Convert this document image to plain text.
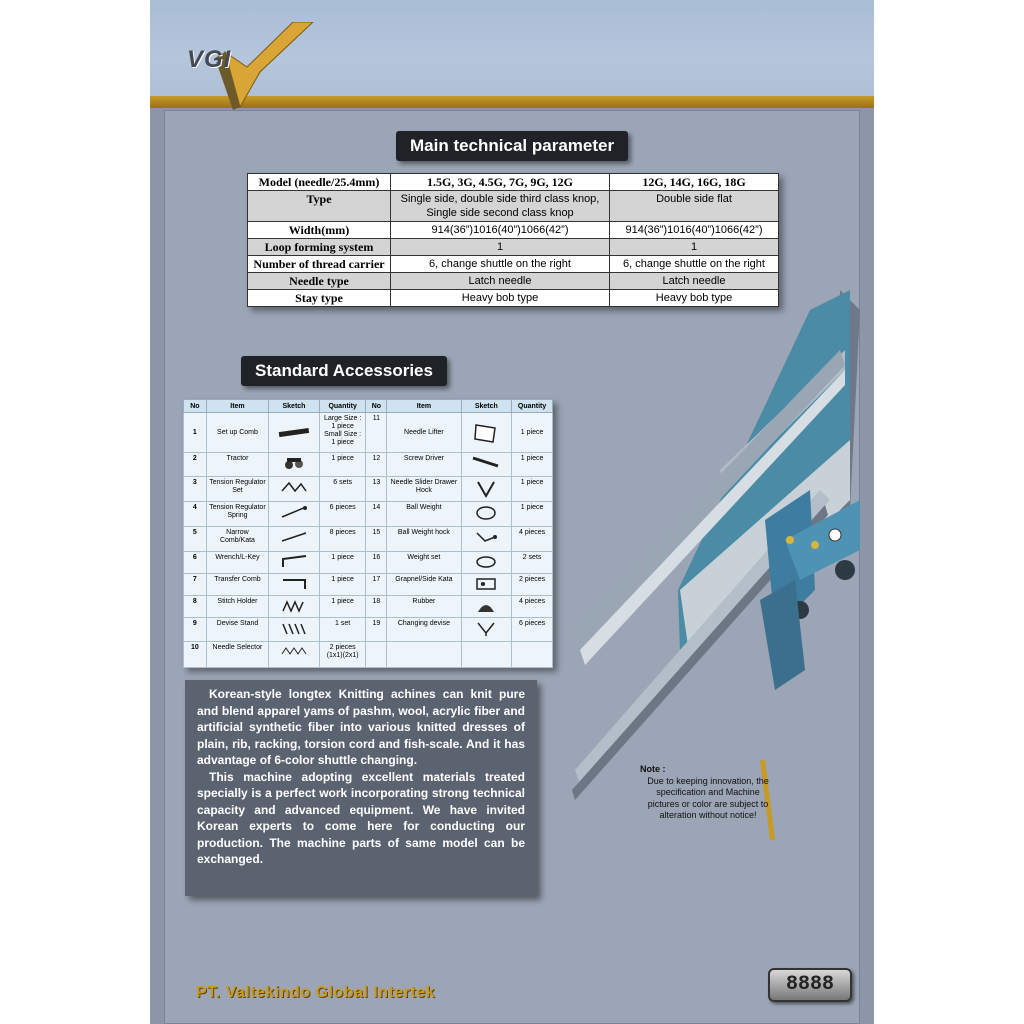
VGI
Main technical parameter
Model (needle/25.4mm)	1.5G, 3G, 4.5G, 7G, 9G, 12G	12G, 14G, 16G, 18G
Type	Single side, double side third class knop, Single side second class knop	Double side flat
Width(mm)	914(36”)1016(40”)1066(42”)	914(36”)1016(40”)1066(42”)
Loop forming system	1	1
Number of thread carrier	6, change shuttle on the right	6, change shuttle on the right
Needle type	Latch needle	Latch needle
Stay type	Heavy bob type	Heavy bob type
Standard Accessories
No	Item	Sketch	Quantity	No	Item	Sketch	Quantity
1	Set up Comb		Large Size : 1 piece Small Size : 1 piece	11	Needle Lifter		1 piece
2	Tractor		1 piece	12	Screw Driver		1 piece
3	Tension Regulator Set		6 sets	13	Needle Slider Drawer Hock		1 piece
4	Tension Regulator Spring		6 pieces	14	Ball Weight		1 piece
5	Narrow Comb/Kata		8 pieces	15	Ball Weight hock		4 pieces
6	Wrench/L-Key		1 piece	16	Weight set		2 sets
7	Transfer Comb		1 piece	17	Grapnel/Side Kata		2 pieces
8	Stitch Holder		1 piece	18	Rubber		4 pieces
9	Devise Stand		1 set	19	Changing devise		6 pieces
10	Needle Selector		2 pieces (1x1)(2x1)				

Korean-style longtex Knitting achines can knit pure and blend apparel yams of pashm, wool, acrylic fiber and artificial synthetic fiber into various knitted dresses of plain, rib, racking, torsion cord and fish-scale. And it has advantage of 6-color shuttle changing.

This machine adopting excellent materials treated specially is a perfect work incorporating strong technical capacity and advanced equipment. We have invited Korean experts to come here for conducting our production. The machine parts of same model can be exchanged.

Note :
Due to keeping innovation, the specification and Machine pictures or color are subject to alteration without notice!
PT. Valtekindo Global Intertek	8888
